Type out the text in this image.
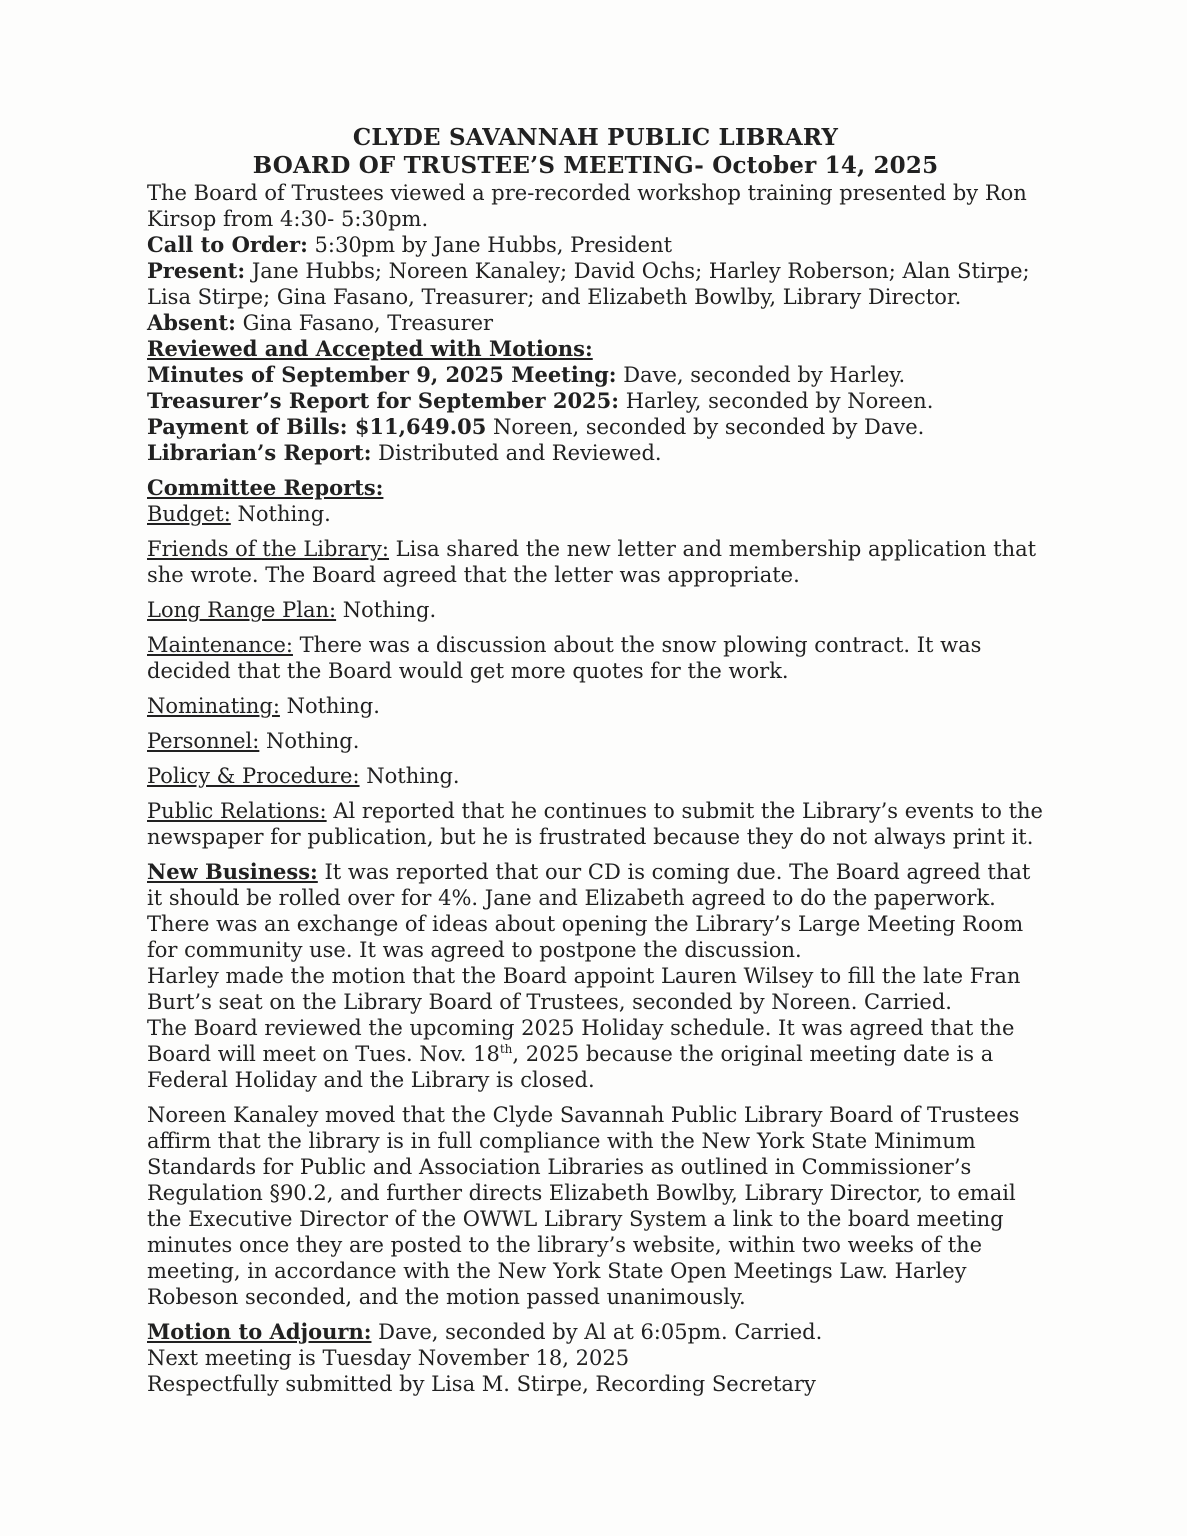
CLYDE SAVANNAH PUBLIC LIBRARY
BOARD OF TRUSTEE’S MEETING- October 14, 2025
The Board of Trustees viewed a pre-recorded workshop training presented by Ron Kirsop from 4:30- 5:30pm.
Call to Order: 5:30pm by Jane Hubbs, President
Present: Jane Hubbs; Noreen Kanaley; David Ochs; Harley Roberson; Alan Stirpe; Lisa Stirpe; Gina Fasano, Treasurer; and Elizabeth Bowlby, Library Director.
Absent: Gina Fasano, Treasurer
Reviewed and Accepted with Motions:
Minutes of September 9, 2025 Meeting: Dave, seconded by Harley.
Treasurer’s Report for September 2025: Harley, seconded by Noreen.
Payment of Bills: $11,649.05 Noreen, seconded by seconded by Dave.
Librarian’s Report: Distributed and Reviewed.
Committee Reports:
Budget: Nothing.
Friends of the Library: Lisa shared the new letter and membership application that she wrote. The Board agreed that the letter was appropriate.
Long Range Plan: Nothing.
Maintenance: There was a discussion about the snow plowing contract. It was decided that the Board would get more quotes for the work.
Nominating: Nothing.
Personnel: Nothing.
Policy & Procedure: Nothing.
Public Relations: Al reported that he continues to submit the Library’s events to the newspaper for publication, but he is frustrated because they do not always print it.
New Business: It was reported that our CD is coming due. The Board agreed that it should be rolled over for 4%. Jane and Elizabeth agreed to do the paperwork.
There was an exchange of ideas about opening the Library’s Large Meeting Room for community use. It was agreed to postpone the discussion.
Harley made the motion that the Board appoint Lauren Wilsey to fill the late Fran Burt’s seat on the Library Board of Trustees, seconded by Noreen. Carried.
The Board reviewed the upcoming 2025 Holiday schedule. It was agreed that the Board will meet on Tues. Nov. 18th, 2025 because the original meeting date is a Federal Holiday and the Library is closed.
Noreen Kanaley moved that the Clyde Savannah Public Library Board of Trustees affirm that the library is in full compliance with the New York State Minimum Standards for Public and Association Libraries as outlined in Commissioner’s Regulation §90.2, and further directs Elizabeth Bowlby, Library Director, to email the Executive Director of the OWWL Library System a link to the board meeting minutes once they are posted to the library’s website, within two weeks of the meeting, in accordance with the New York State Open Meetings Law. Harley Robeson seconded, and the motion passed unanimously.
Motion to Adjourn: Dave, seconded by Al at 6:05pm. Carried.
Next meeting is Tuesday November 18, 2025
Respectfully submitted by Lisa M. Stirpe, Recording Secretary
